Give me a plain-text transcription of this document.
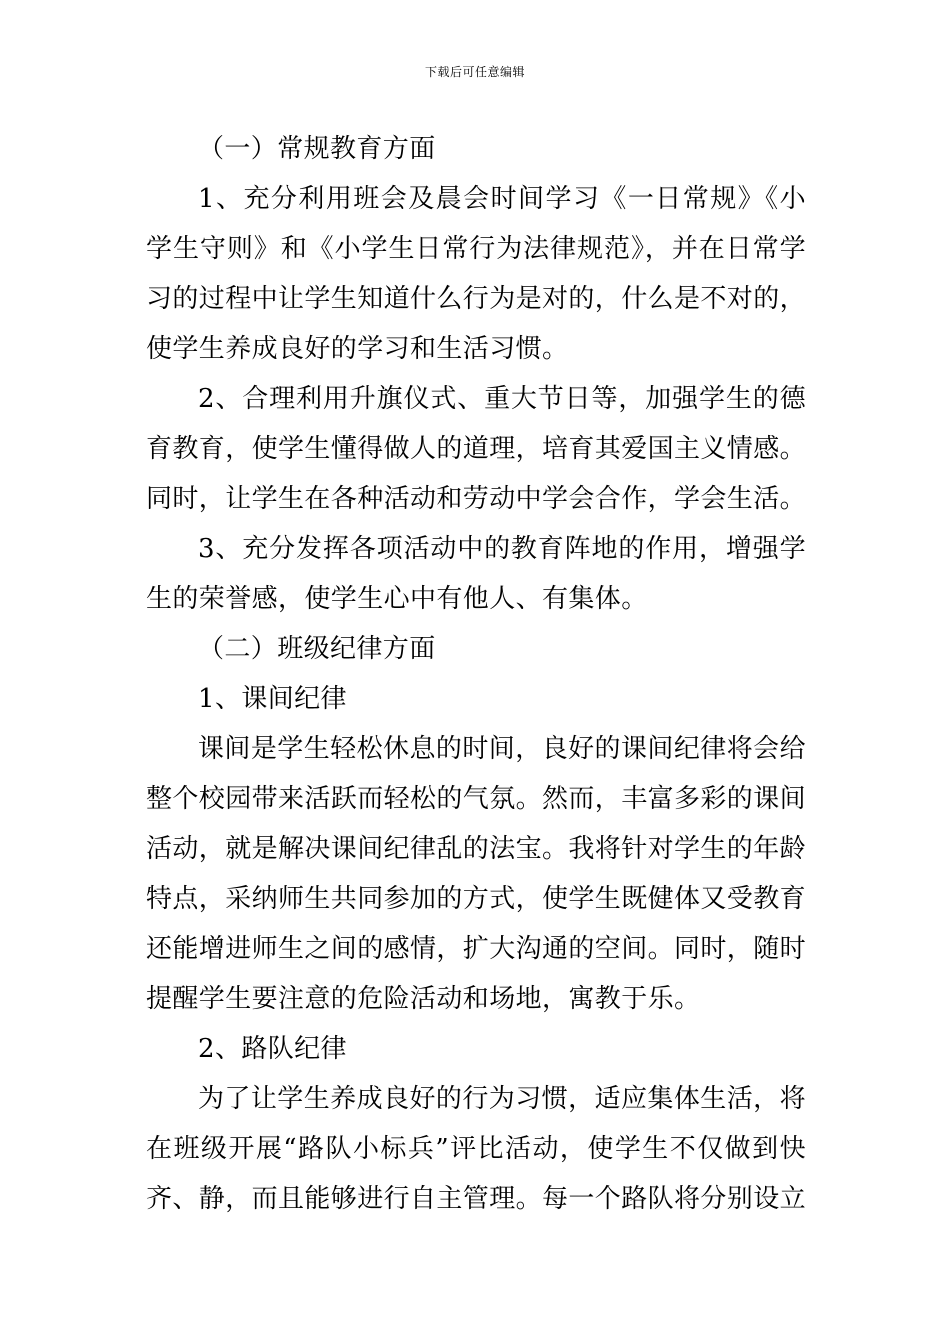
下载后可任意编辑

（一）常规教育方面

1、充分利用班会及晨会时间学习《一日常规》《小学生守则》和《小学生日常行为法律规范》，并在日常学习的过程中让学生知道什么行为是对的，什么是不对的，使学生养成良好的学习和生活习惯。

2、合理利用升旗仪式、重大节日等，加强学生的德育教育，使学生懂得做人的道理，培育其爱国主义情感。同时，让学生在各种活动和劳动中学会合作，学会生活。

3、充分发挥各项活动中的教育阵地的作用，增强学生的荣誉感，使学生心中有他人、有集体。

（二）班级纪律方面

1、课间纪律

课间是学生轻松休息的时间，良好的课间纪律将会给整个校园带来活跃而轻松的气氛。然而，丰富多彩的课间活动，就是解决课间纪律乱的法宝。我将针对学生的年龄特点，采纳师生共同参加的方式，使学生既健体又受教育还能增进师生之间的感情，扩大沟通的空间。同时，随时提醒学生要注意的危险活动和场地，寓教于乐。

2、路队纪律

为了让学生养成良好的行为习惯，适应集体生活，将在班级开展“路队小标兵”评比活动，使学生不仅做到快齐、静，而且能够进行自主管理。每一个路队将分别设立
